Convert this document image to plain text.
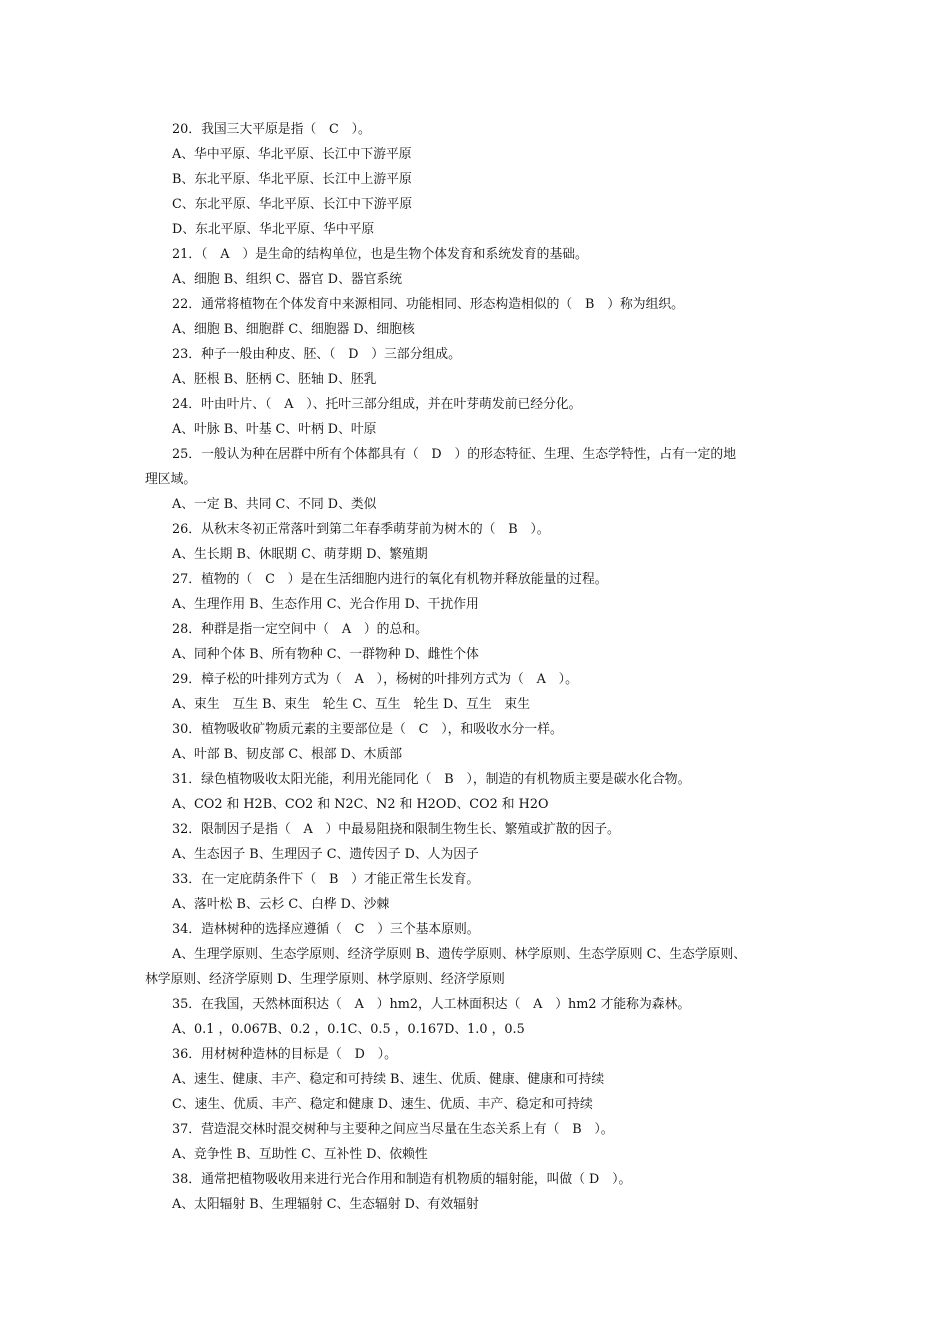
20．我国三大平原是指（　C　）。

A、华中平原、华北平原、长江中下游平原

B、东北平原、华北平原、长江中上游平原

C、东北平原、华北平原、长江中下游平原

D、东北平原、华北平原、华中平原

21．（　A　）是生命的结构单位，也是生物个体发育和系统发育的基础。

A、细胞 B、组织 C、器官 D、器官系统

22．通常将植物在个体发育中来源相同、功能相同、形态构造相似的（　B　）称为组织。

A、细胞 B、细胞群 C、细胞器 D、细胞核

23．种子一般由种皮、胚、（　D　）三部分组成。

A、胚根 B、胚柄 C、胚轴 D、胚乳

24．叶由叶片、（　A　）、托叶三部分组成，并在叶芽萌发前已经分化。

A、叶脉 B、叶基 C、叶柄 D、叶原

25．一般认为种在居群中所有个体都具有（　D　）的形态特征、生理、生态学特性，占有一定的地

理区域。

A、一定 B、共同 C、不同 D、类似

26．从秋末冬初正常落叶到第二年春季萌芽前为树木的（　B　）。

A、生长期 B、休眠期 C、萌芽期 D、繁殖期

27．植物的（　C　）是在生活细胞内进行的氧化有机物并释放能量的过程。

A、生理作用 B、生态作用 C、光合作用 D、干扰作用

28．种群是指一定空间中（　A　）的总和。

A、同种个体 B、所有物种 C、一群物种 D、雌性个体

29．樟子松的叶排列方式为（　A　），杨树的叶排列方式为（　A　）。

A、束生　互生 B、束生　轮生 C、互生　轮生 D、互生　束生

30．植物吸收矿物质元素的主要部位是（　C　），和吸收水分一样。

A、叶部 B、韧皮部 C、根部 D、木质部

31．绿色植物吸收太阳光能，利用光能同化（　B　），制造的有机物质主要是碳水化合物。

A、CO2 和 H2B、CO2 和 N2C、N2 和 H2OD、CO2 和 H2O

32．限制因子是指（　A　）中最易阻挠和限制生物生长、繁殖或扩散的因子。

A、生态因子 B、生理因子 C、遗传因子 D、人为因子

33．在一定庇荫条件下（　B　）才能正常生长发育。

A、落叶松 B、云杉 C、白桦 D、沙棘

34．造林树种的选择应遵循（　C　）三个基本原则。

A、生理学原则、生态学原则、经济学原则 B、遗传学原则、林学原则、生态学原则 C、生态学原则、

林学原则、经济学原则 D、生理学原则、林学原则、经济学原则

35．在我国，天然林面积达（　A　）hm2，人工林面积达（　A　）hm2 才能称为森林。

A、0.1 ，0.067B、0.2 ，0.1C、0.5 ，0.167D、1.0 ，0.5

36．用材树种造林的目标是（　D　）。

A、速生、健康、丰产、稳定和可持续 B、速生、优质、健康、健康和可持续

C、速生、优质、丰产、稳定和健康 D、速生、优质、丰产、稳定和可持续

37．营造混交林时混交树种与主要种之间应当尽量在生态关系上有（　B　）。

A、竞争性 B、互助性 C、互补性 D、依赖性

38．通常把植物吸收用来进行光合作用和制造有机物质的辐射能，叫做（ D　）。

A、太阳辐射 B、生理辐射 C、生态辐射 D、有效辐射
